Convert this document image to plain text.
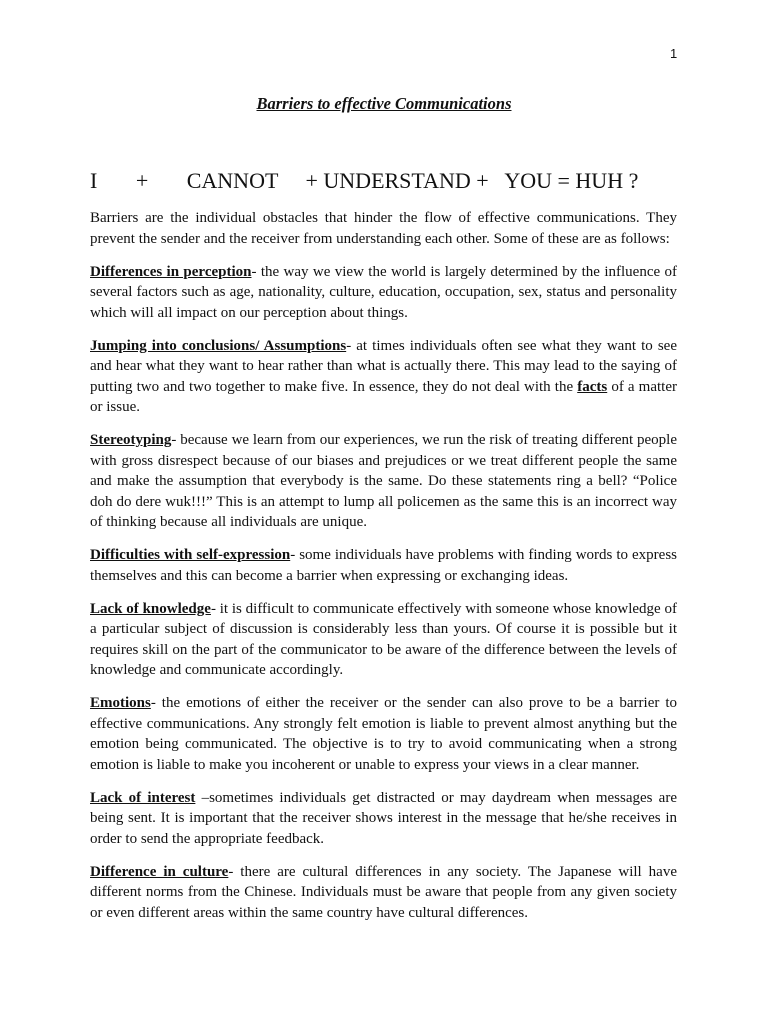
1
Barriers to effective Communications
I       +       CANNOT     + UNDERSTAND +   YOU = HUH ?

Barriers are the individual obstacles that hinder the flow of effective communications. They prevent the sender and the receiver from understanding each other. Some of these are as follows:

Differences in perception- the way we view the world is largely determined by the influence of several factors such as age, nationality, culture, education, occupation, sex, status and personality which will all impact on our perception about things.

Jumping into conclusions/ Assumptions- at times individuals often see what they want to see and hear what they want to hear rather than what is actually there. This may lead to the saying of putting two and two together to make five. In essence, they do not deal with the facts of a matter or issue.

Stereotyping- because we learn from our experiences, we run the risk of treating different people with gross disrespect because of our biases and prejudices or we treat different people the same and make the assumption that everybody is the same. Do these statements ring a bell? “Police doh do dere wuk!!!” This is an attempt to lump all policemen as the same this is an incorrect way of thinking because all individuals are unique.

Difficulties with self-expression- some individuals have problems with finding words to express themselves and this can become a barrier when expressing or exchanging ideas.

Lack of knowledge- it is difficult to communicate effectively with someone whose knowledge of a particular subject of discussion is considerably less than yours. Of course it is possible but it requires skill on the part of the communicator to be aware of the difference between the levels of knowledge and communicate accordingly.

Emotions- the emotions of either the receiver or the sender can also prove to be a barrier to effective communications. Any strongly felt emotion is liable to prevent almost anything but the emotion being communicated. The objective is to try to avoid communicating when a strong emotion is liable to make you incoherent or unable to express your views in a clear manner.

Lack of interest –sometimes individuals get distracted or may daydream when messages are being sent. It is important that the receiver shows interest in the message that he/she receives in order to send the appropriate feedback.

Difference in culture- there are cultural differences in any society. The Japanese will have different norms from the Chinese. Individuals must be aware that people from any given society or even different areas within the same country have cultural differences.
